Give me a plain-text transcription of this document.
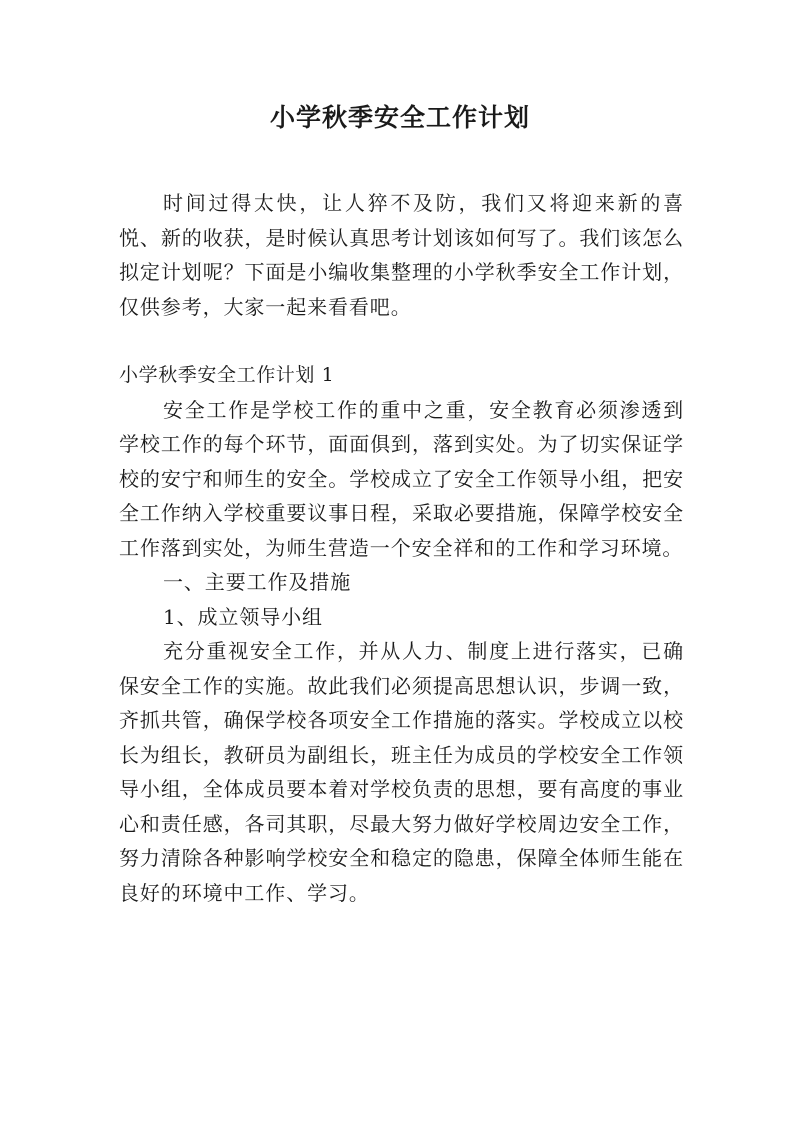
小学秋季安全工作计划

时间过得太快，让人猝不及防，我们又将迎来新的喜悦、新的收获，是时候认真思考计划该如何写了。我们该怎么拟定计划呢？下面是小编收集整理的小学秋季安全工作计划，仅供参考，大家一起来看看吧。

小学秋季安全工作计划 1

安全工作是学校工作的重中之重，安全教育必须渗透到学校工作的每个环节，面面俱到，落到实处。为了切实保证学校的安宁和师生的安全。学校成立了安全工作领导小组，把安全工作纳入学校重要议事日程，采取必要措施，保障学校安全工作落到实处，为师生营造一个安全祥和的工作和学习环境。

一、主要工作及措施

1、成立领导小组

充分重视安全工作，并从人力、制度上进行落实，已确保安全工作的实施。故此我们必须提高思想认识，步调一致，齐抓共管，确保学校各项安全工作措施的落实。学校成立以校长为组长，教研员为副组长，班主任为成员的学校安全工作领导小组，全体成员要本着对学校负责的思想，要有高度的事业心和责任感，各司其职，尽最大努力做好学校周边安全工作，努力清除各种影响学校安全和稳定的隐患，保障全体师生能在良好的环境中工作、学习。
